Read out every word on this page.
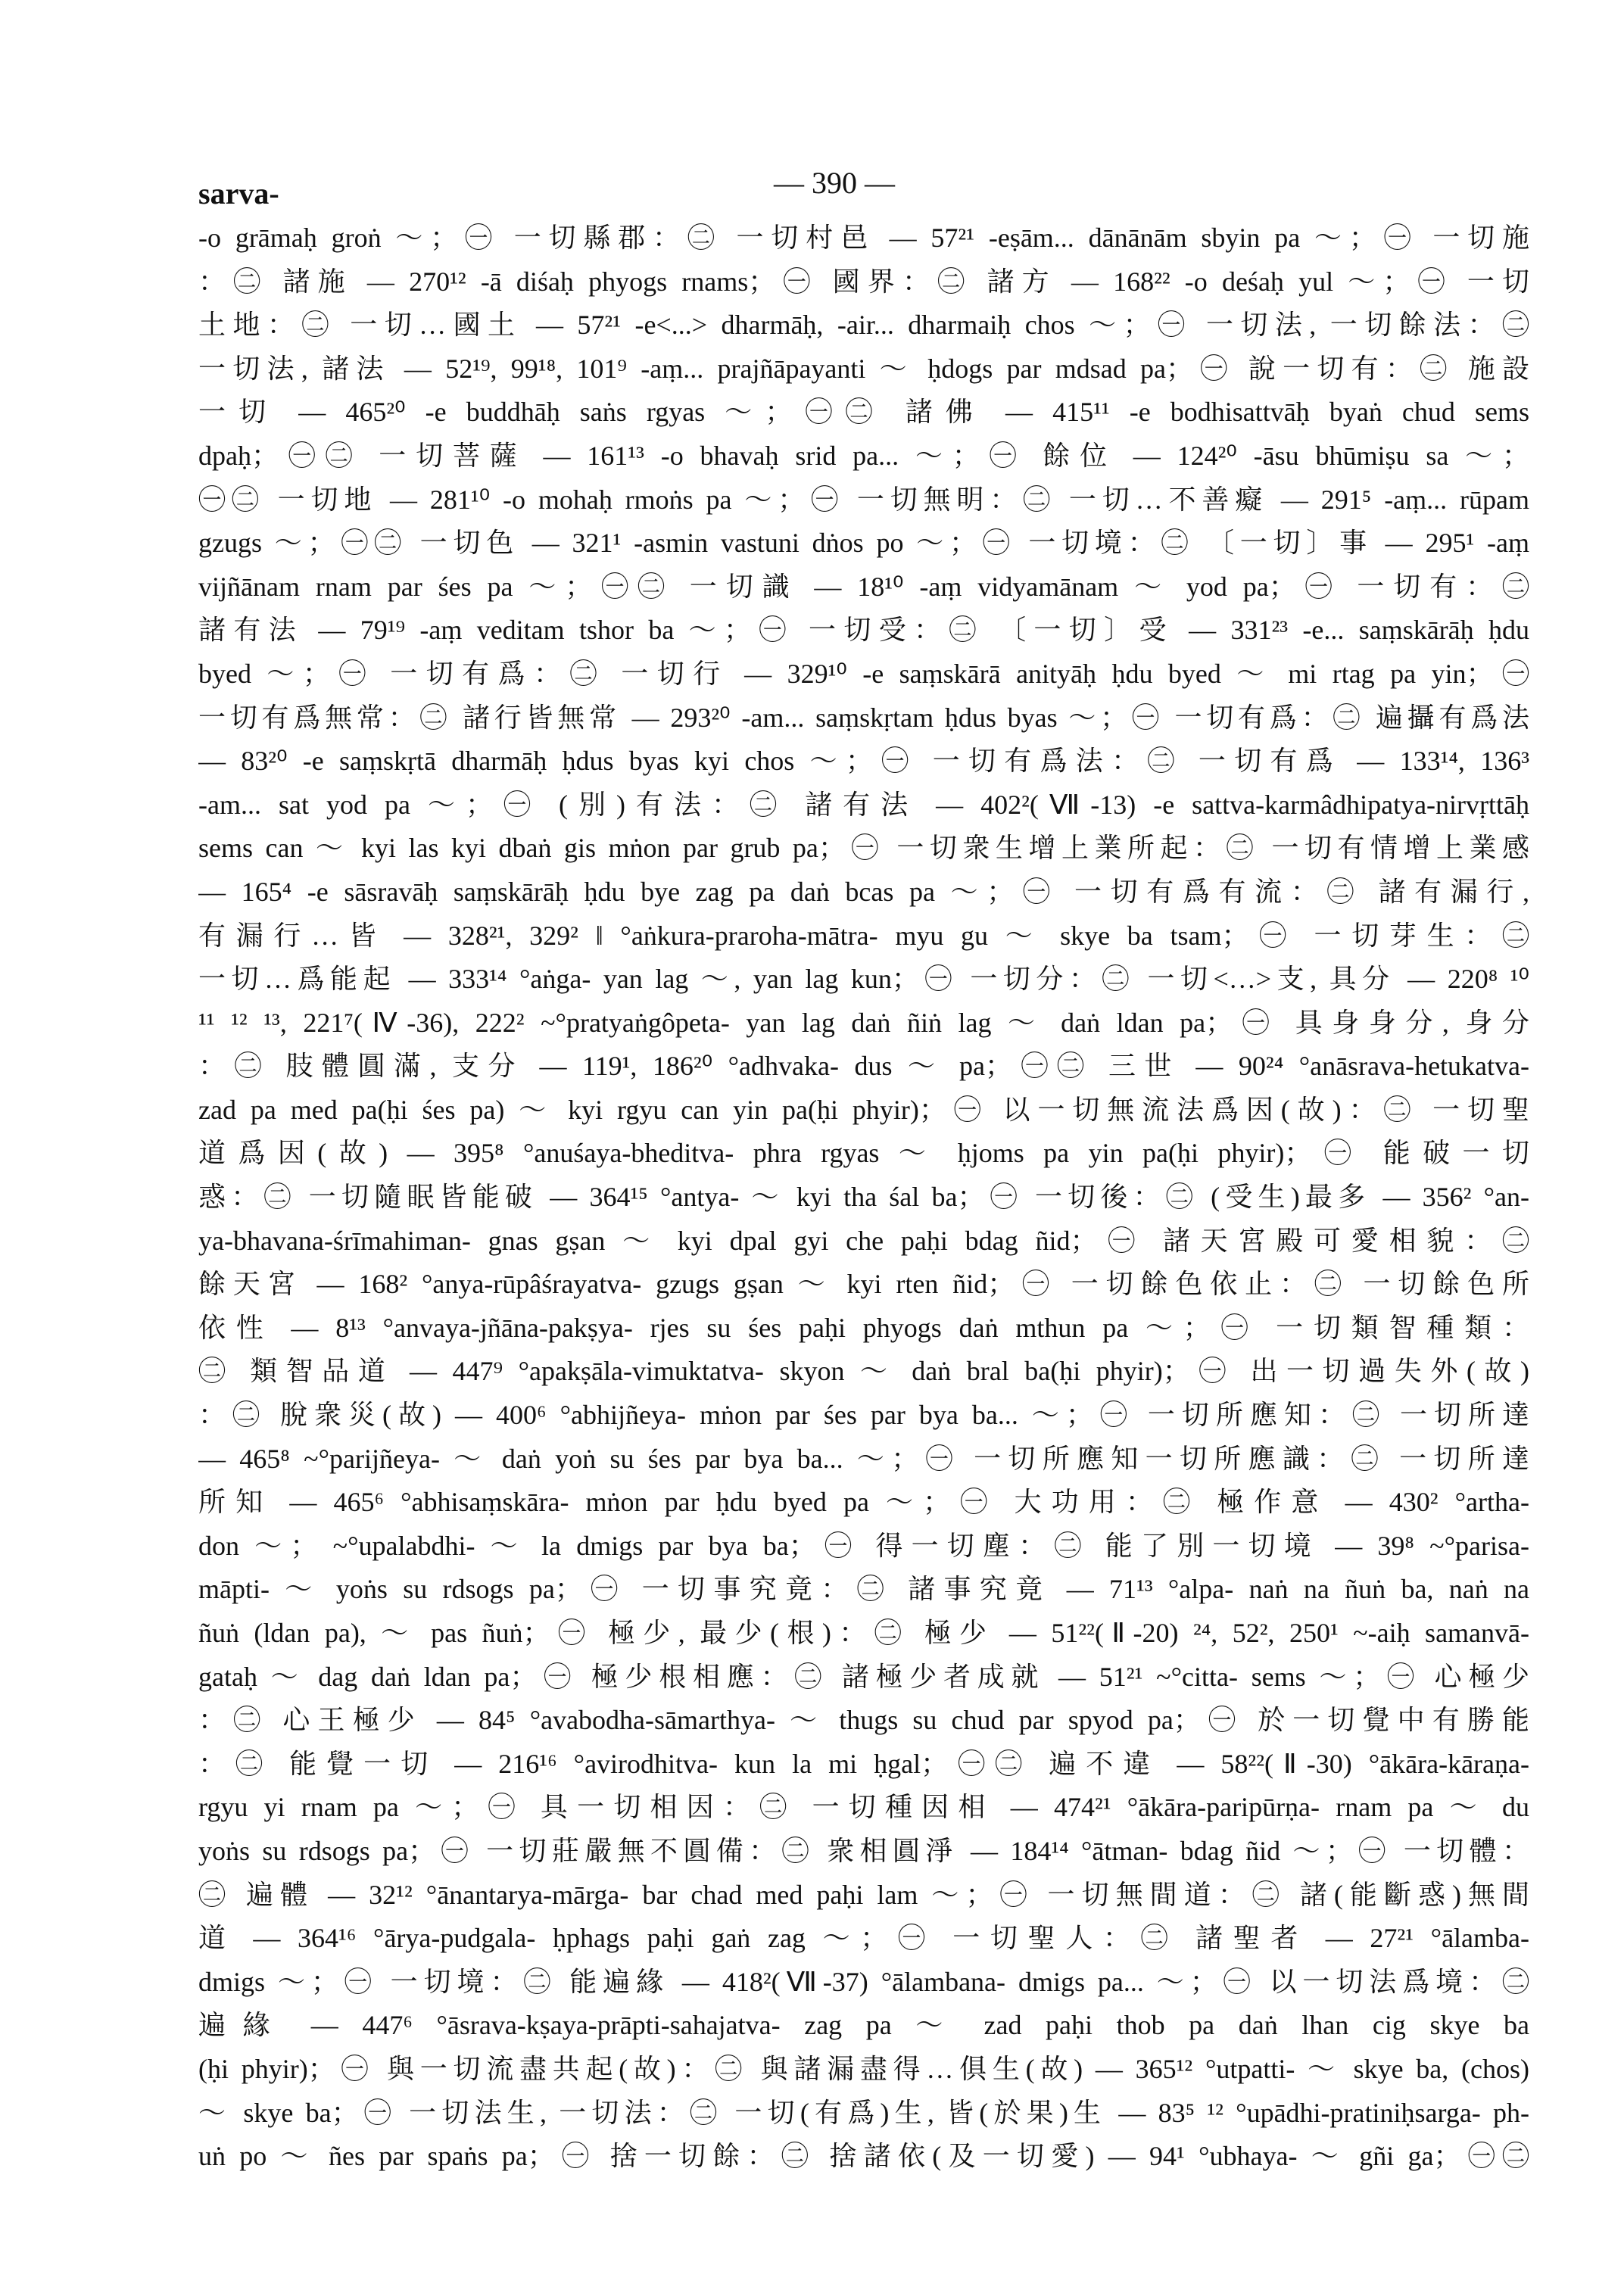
sarva-	— 390 —
-o grāmaḥ groṅ ～；㊀ 一切縣郡：㊁ 一切村邑 — 57²¹ -eṣām... dānānām sbyin pa ～；㊀ 一切施
：㊁ 諸施 — 270¹² -ā diśaḥ phyogs rnams；㊀ 國界：㊁ 諸方 — 168²² -o deśaḥ yul ～；㊀ 一切
土地：㊁ 一切…國土 — 57²¹ -e<...> dharmāḥ, -air... dharmaiḥ chos ～；㊀ 一切法, 一切餘法：㊁
一切法, 諸法 — 52¹⁹, 99¹⁸, 101⁹ -aṃ... prajñāpayanti ～ ḥdogs par mdsad pa；㊀ 說一切有：㊁ 施設
一切 — 465²⁰ -e buddhāḥ saṅs rgyas ～；㊀㊁ 諸佛 — 415¹¹ -e bodhisattvāḥ byaṅ chud sems
dpaḥ；㊀㊁ 一切菩薩 — 161¹³ -o bhavaḥ srid pa... ～；㊀ 餘位 — 124²⁰ -āsu bhūmiṣu sa ～；
㊀㊁ 一切地 — 281¹⁰ -o mohaḥ rmoṅs pa ～；㊀ 一切無明：㊁ 一切…不善癡 — 291⁵ -aṃ... rūpam
gzugs ～；㊀㊁ 一切色 — 321¹ -asmin vastuni dṅos po ～；㊀ 一切境：㊁ 〔一切〕事 — 295¹ -aṃ
vijñānam rnam par śes pa ～；㊀㊁ 一切識 — 18¹⁰ -aṃ vidyamānam ～ yod pa；㊀ 一切有：㊁
諸有法 — 79¹⁹ -aṃ veditam tshor ba ～；㊀ 一切受：㊁ 〔一切〕受 — 331²³ -e... saṃskārāḥ ḥdu
byed ～；㊀ 一切有爲：㊁ 一切行 — 329¹⁰ -e saṃskārā anityāḥ ḥdu byed ～ mi rtag pa yin；㊀
一切有爲無常：㊁ 諸行皆無常 — 293²⁰ -am... saṃskṛtam ḥdus byas ～；㊀ 一切有爲：㊁ 遍攝有爲法
— 83²⁰ -e saṃskṛtā dharmāḥ ḥdus byas kyi chos ～；㊀ 一切有爲法：㊁ 一切有爲 — 133¹⁴, 136³
-am... sat yod pa ～；㊀ (別)有法：㊁ 諸有法 — 402²(Ⅶ-13) -e sattva-karmâdhipatya-nirvṛttāḥ
sems can ～ kyi las kyi dbaṅ gis mṅon par grub pa；㊀ 一切衆生增上業所起：㊁ 一切有情增上業感
— 165⁴ -e sāsravāḥ saṃskārāḥ ḥdu bye zag pa daṅ bcas pa ～；㊀ 一切有爲有流：㊁ 諸有漏行,
有漏行…皆 — 328²¹, 329² ‖ °aṅkura-praroha-mātra- myu gu ～ skye ba tsam；㊀ 一切芽生：㊁
一切…爲能起 — 333¹⁴ °aṅga- yan lag ～, yan lag kun；㊀ 一切分：㊁ 一切<…>支, 具分 — 220⁸ ¹⁰
¹¹ ¹² ¹³, 221⁷(Ⅳ-36), 222² ~°pratyaṅgôpeta- yan lag daṅ ñiṅ lag ～ daṅ ldan pa；㊀ 具身身分, 身分
：㊁ 肢體圓滿, 支分 — 119¹, 186²⁰ °adhvaka- dus ～ pa；㊀㊁ 三世 — 90²⁴ °anāsrava-hetukatva-
zad pa med pa(ḥi śes pa) ～ kyi rgyu can yin pa(ḥi phyir)；㊀ 以一切無流法爲因(故)：㊁ 一切聖
道爲因(故) — 395⁸ °anuśaya-bheditva- phra rgyas ～ ḥjoms pa yin pa(ḥi phyir)；㊀ 能破一切
惑：㊁ 一切隨眠皆能破 — 364¹⁵ °antya- ～ kyi tha śal ba；㊀ 一切後：㊁ (受生)最多 — 356² °an-
ya-bhavana-śrīmahiman- gnas gṣan ～ kyi dpal gyi che paḥi bdag ñid；㊀ 諸天宮殿可愛相貌：㊁
餘天宮 — 168² °anya-rūpâśrayatva- gzugs gṣan ～ kyi rten ñid；㊀ 一切餘色依止：㊁ 一切餘色所
依性 — 8¹³ °anvaya-jñāna-pakṣya- rjes su śes paḥi phyogs daṅ mthun pa ～；㊀ 一切類智種類：
㊁ 類智品道 — 447⁹ °apakṣāla-vimuktatva- skyon ～ daṅ bral ba(ḥi phyir)；㊀ 出一切過失外(故)
：㊁ 脫衆災(故) — 400⁶ °abhijñeya- mṅon par śes par bya ba... ～；㊀ 一切所應知：㊁ 一切所達
— 465⁸ ~°parijñeya- ～ daṅ yoṅ su śes par bya ba... ～；㊀ 一切所應知一切所應識：㊁ 一切所達
所知 — 465⁶ °abhisaṃskāra- mṅon par ḥdu byed pa ～；㊀ 大功用：㊁ 極作意 — 430² °artha-
don ～； ~°upalabdhi- ～ la dmigs par bya ba；㊀ 得一切塵：㊁ 能了別一切境 — 39⁸ ~°parisa-
māpti- ～ yoṅs su rdsogs pa；㊀ 一切事究竟：㊁ 諸事究竟 — 71¹³ °alpa- naṅ na ñuṅ ba, naṅ na
ñuṅ (ldan pa), ～ pas ñuṅ；㊀ 極少, 最少(根)：㊁ 極少 — 51²²(Ⅱ-20) ²⁴, 52², 250¹ ~-aiḥ samanvā-
gataḥ ～ dag daṅ ldan pa；㊀ 極少根相應：㊁ 諸極少者成就 — 51²¹ ~°citta- sems ～；㊀ 心極少
：㊁ 心王極少 — 84⁵ °avabodha-sāmarthya- ～ thugs su chud par spyod pa；㊀ 於一切覺中有勝能
：㊁ 能覺一切 — 216¹⁶ °avirodhitva- kun la mi ḥgal；㊀㊁ 遍不違 — 58²²(Ⅱ-30) °ākāra-kāraṇa-
rgyu yi rnam pa ～；㊀ 具一切相因：㊁ 一切種因相 — 474²¹ °ākāra-paripūrṇa- rnam pa ～ du
yoṅs su rdsogs pa；㊀ 一切莊嚴無不圓備：㊁ 衆相圓淨 — 184¹⁴ °ātman- bdag ñid ～；㊀ 一切體：
㊁ 遍體 — 32¹² °ānantarya-mārga- bar chad med paḥi lam ～；㊀ 一切無間道：㊁ 諸(能斷惑)無間
道 — 364¹⁶ °ārya-pudgala- ḥphags paḥi gaṅ zag ～；㊀ 一切聖人：㊁ 諸聖者 — 27²¹ °ālamba-
dmigs ～；㊀ 一切境：㊁ 能遍緣 — 418²(Ⅶ-37) °ālambana- dmigs pa... ～；㊀ 以一切法爲境：㊁
遍緣 — 447⁶ °āsrava-kṣaya-prāpti-sahajatva- zag pa ～ zad paḥi thob pa daṅ lhan cig skye ba
(ḥi phyir)；㊀ 與一切流盡共起(故)：㊁ 與諸漏盡得…俱生(故) — 365¹² °utpatti- ～ skye ba, (chos)
～ skye ba；㊀ 一切法生, 一切法：㊁ 一切(有爲)生, 皆(於果)生 — 83⁵ ¹² °upādhi-pratiniḥsarga- ph-
uṅ po ～ ñes par spaṅs pa；㊀ 捨一切餘：㊁ 捨諸依(及一切愛) — 94¹ °ubhaya- ～ gñi ga；㊀㊁
